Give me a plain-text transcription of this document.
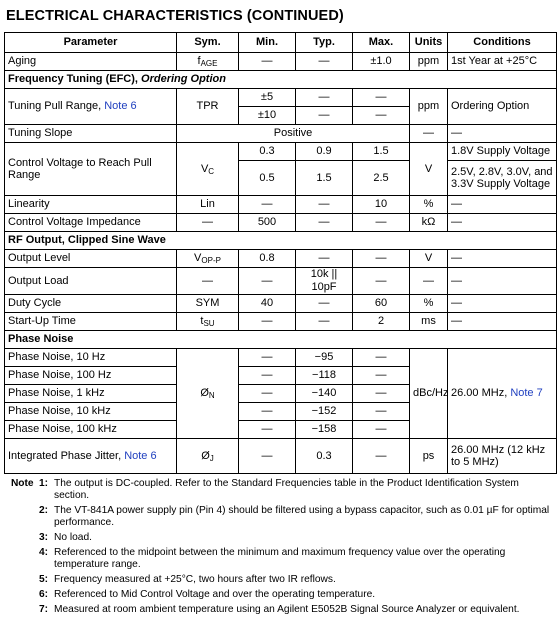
ELECTRICAL CHARACTERISTICS (CONTINUED)
Parameter	Sym.	Min.	Typ.	Max.	Units	Conditions
Aging	$f_{AGE}$	—	—	±1.0	ppm	1st Year at +25°C
Frequency Tuning (EFC), Ordering Option						
Tuning Pull Range, Note 6	TPR	±5	—	—	ppm	Ordering Option
		±10	—	—		
Tuning Slope	Positive				—	—
Control Voltage to Reach Pull Range	$V_C$	0.3	0.9	1.5	V	1.8V Supply Voltage
		0.5	1.5	2.5		2.5V, 2.8V, 3.0V, and 3.3V Supply Voltage
Linearity	Lin	—	—	10	%	—
Control Voltage Impedance	—	500	—	—	kΩ	—
RF Output, Clipped Sine Wave						
Output Level	$V_{OP-P}$	0.8	—	—	V	—
Output Load	—	—	10k || 10pF	—	—	—
Duty Cycle	SYM	40	—	60	%	—
Start-Up Time	$t_{SU}$	—	—	2	ms	—
Phase Noise						
Phase Noise, 10 Hz	$Ø_N$	—	−95	—	dBc/Hz	26.00 MHz, Note 7
Phase Noise, 100 Hz		—	−118	—		
Phase Noise, 1 kHz		—	−140	—		
Phase Noise, 10 kHz		—	−152	—		
Phase Noise, 100 kHz		—	−158	—		
Integrated Phase Jitter, Note 6	$Ø_J$	—	0.3	—	ps	26.00 MHz (12 kHz to 5 MHz)
Note 1: The output is DC-coupled. Refer to the Standard Frequencies table in the Product Identification System section.
2: The VT-841A power supply pin (Pin 4) should be filtered using a bypass capacitor, such as 0.01 µF for optimal performance.
3: No load.
4: Referenced to the midpoint between the minimum and maximum frequency value over the operating temperature range.
5: Frequency measured at +25°C, two hours after two IR reflows.
6: Referenced to Mid Control Voltage and over the operating temperature.
7: Measured at room ambient temperature using an Agilent E5052B Signal Source Analyzer or equivalent.
